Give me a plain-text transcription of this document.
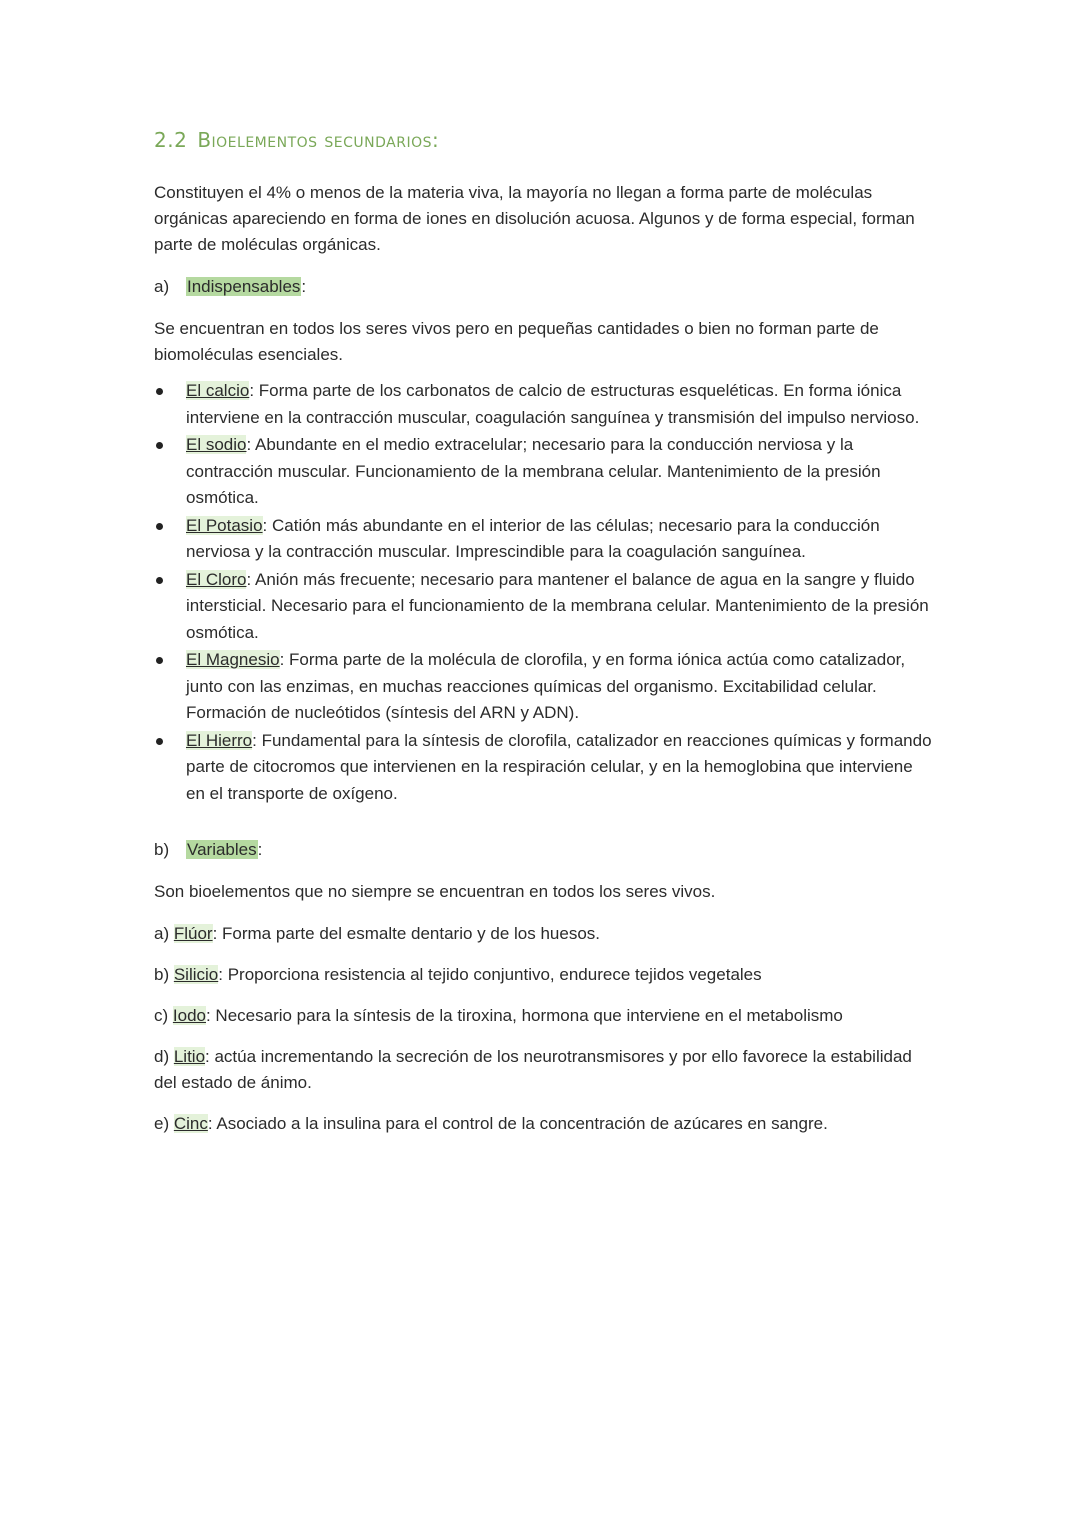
2.2 Bioelementos secundarios:

Constituyen el 4% o menos de la materia viva, la mayoría no llegan a forma parte de moléculas orgánicas apareciendo en forma de iones en disolución acuosa. Algunos y de forma especial, forman parte de moléculas orgánicas.

a)	Indispensables:

Se encuentran en todos los seres vivos pero en pequeñas cantidades o bien no forman parte de biomoléculas esenciales.

El calcio: Forma parte de los carbonatos de calcio de estructuras esqueléticas. En forma iónica interviene en la contracción muscular, coagulación sanguínea y transmisión del impulso nervioso.
El sodio: Abundante en el medio extracelular; necesario para la conducción nerviosa y la contracción muscular. Funcionamiento de la membrana celular. Mantenimiento de la presión osmótica.
El Potasio: Catión más abundante en el interior de las células; necesario para la conducción nerviosa y la contracción muscular. Imprescindible para la coagulación sanguínea.
El Cloro: Anión más frecuente; necesario para mantener el balance de agua en la sangre y fluido intersticial. Necesario para el funcionamiento de la membrana celular. Mantenimiento de la presión osmótica.
El Magnesio: Forma parte de la molécula de clorofila, y en forma iónica actúa como catalizador, junto con las enzimas, en muchas reacciones químicas del organismo. Excitabilidad celular. Formación de nucleótidos (síntesis del ARN y ADN).
El Hierro: Fundamental para la síntesis de clorofila, catalizador en reacciones químicas y formando parte de citocromos que intervienen en la respiración celular, y en la hemoglobina que interviene en el transporte de oxígeno.
b)	Variables:

Son bioelementos que no siempre se encuentran en todos los seres vivos.

a) Flúor: Forma parte del esmalte dentario y de los huesos.
b) Silicio: Proporciona resistencia al tejido conjuntivo, endurece tejidos vegetales
c) Iodo: Necesario para la síntesis de la tiroxina, hormona que interviene en el metabolismo
d) Litio: actúa incrementando la secreción de los neurotransmisores y por ello favorece la estabilidad del estado de ánimo.
e) Cinc: Asociado a la insulina para el control de la concentración de azúcares en sangre.
